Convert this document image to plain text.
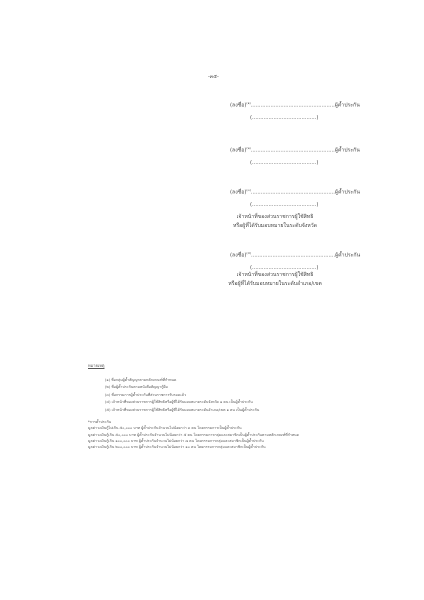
-๓๕-
(ลงชื่อ)$^{(๑)}$...................................................ผู้ค้ำประกัน
(.......................................)
(ลงชื่อ)$^{(๒)}$...................................................ผู้ค้ำประกัน
(.......................................)
(ลงชื่อ)$^{(๓)}$...................................................ผู้ค้ำประกัน
(.......................................)
เจ้าหน้าที่ของส่วนราชการผู้ใช้สิทธิ
หรือผู้ที่ได้รับมอบหมายในระดับจังหวัด
(ลงชื่อ)$^{(๔)}$...................................................ผู้ค้ำประกัน
(.......................................)
เจ้าหน้าที่ของส่วนราชการผู้ใช้สิทธิ
หรือผู้ที่ได้รับมอบหมายในระดับอำเภอ/เขต
หมายเหตุ
(๑) ชื่อกลุ่มผู้ค้ำสัญญาตามหลักเกณฑ์ที่กำหนด
(๒) ชื่อผู้ค้ำประกันตามหนังสือสัญญากู้ยืม
(๓) ชื่อกรรมการผู้ค้ำประกันที่ส่วนราชการรับรองแล้ว
(๔) เจ้าหน้าที่ของส่วนราชการผู้ใช้สิทธิหรือผู้ที่ได้รับมอบหมายระดับจังหวัด ๑ คน เป็นผู้ค้ำประกัน
(๕) เจ้าหน้าที่ของส่วนราชการผู้ใช้สิทธิหรือผู้ที่ได้รับมอบหมายระดับอำเภอ/เขต ๑ คน เป็นผู้ค้ำประกัน
*การค้ำประกัน
มูลค่าวงเงินกู้ไม่เกิน ๕๐,๐๐๐ บาท ผู้ค้ำประกันจำนวนไม่น้อยกว่า ๓ คน โดยกรรมการเป็นผู้ค้ำประกัน
มูลค่าวงเงินกู้เกิน ๕๐,๐๐๐ บาท ผู้ค้ำประกันจำนวนไม่น้อยกว่า ๕ คน โดยกรรมการกลุ่มและสมาชิกเป็นผู้ค้ำประกันตามหลักเกณฑ์ที่กำหนด
มูลค่าวงเงินกู้เกิน ๑๐๐,๐๐๐ บาท ผู้ค้ำประกันจำนวนไม่น้อยกว่า ๗ คน โดยกรรมการกลุ่มและสมาชิกเป็นผู้ค้ำประกัน
มูลค่าวงเงินกู้เกิน ๒๐๐,๐๐๐ บาท ผู้ค้ำประกันจำนวนไม่น้อยกว่า ๑๐ คน โดยกรรมการกลุ่มและสมาชิกเป็นผู้ค้ำประกัน
